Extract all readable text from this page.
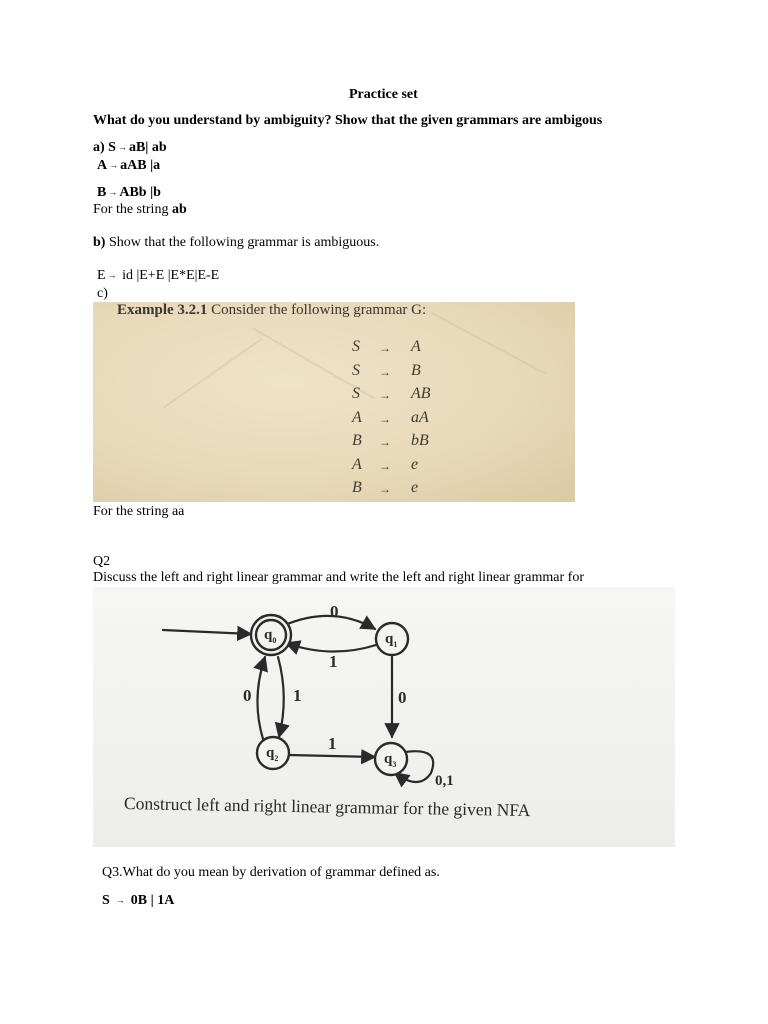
Practice set
What do you understand by ambiguity? Show that the given grammars are ambigous
a) S → aB| ab
A → aAB |a
B → ABb |b
For the string ab
b) Show that the following grammar is ambiguous.
E → id |E+E |E*E|E-E
c)
Example 3.2.1 Consider the following grammar G:
S → A
S → B
S → AB
A → aA
B → bB
A → e
B → e
For the string aa
Q2
Discuss the left and right linear grammar and write the left and right linear grammar for
$q_0$	$q_1$
$q_2$	$q_3$
0
1
1
0	0
1
0,1
Construct left and right linear grammar for the given NFA
Q3.What do you mean by derivation of grammar defined as.
S → 0B | 1A
